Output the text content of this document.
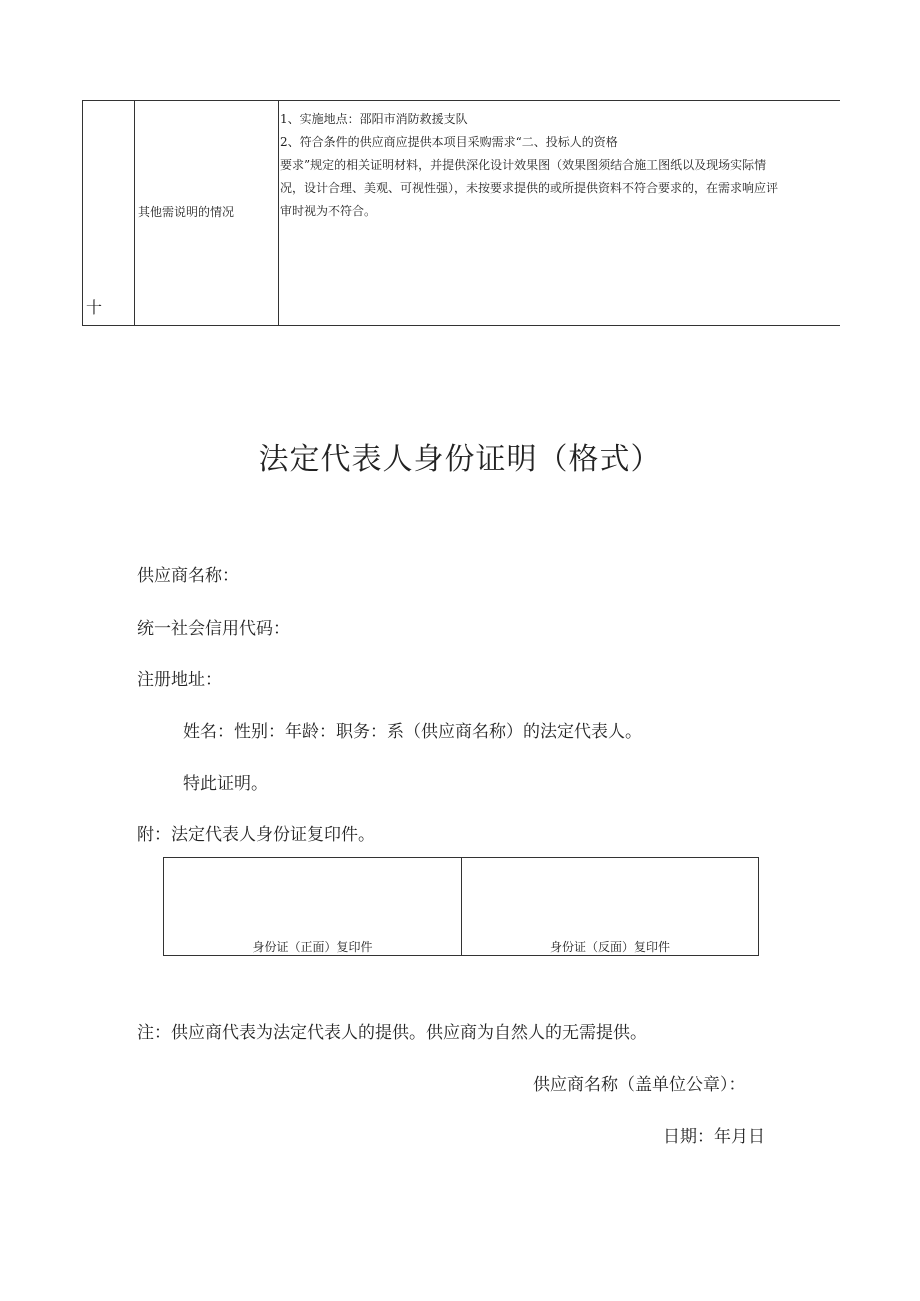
十
其他需说明的情况
1、实施地点：邵阳市消防救援支队
2、符合条件的供应商应提供本项目采购需求“二、投标人的资格
要求”规定的相关证明材料，并提供深化设计效果图（效果图须结合施工图纸以及现场实际情
况，设计合理、美观、可视性强），未按要求提供的或所提供资料不符合要求的，在需求响应评
审时视为不符合。
法定代表人身份证明（格式）
供应商名称：
统一社会信用代码：
注册地址：
姓名：性别：年龄：职务：系（供应商名称）的法定代表人。
特此证明。
附：法定代表人身份证复印件。
身份证（正面）复印件	身份证（反面）复印件
注：供应商代表为法定代表人的提供。供应商为自然人的无需提供。
供应商名称（盖单位公章）：
日期：年月日
